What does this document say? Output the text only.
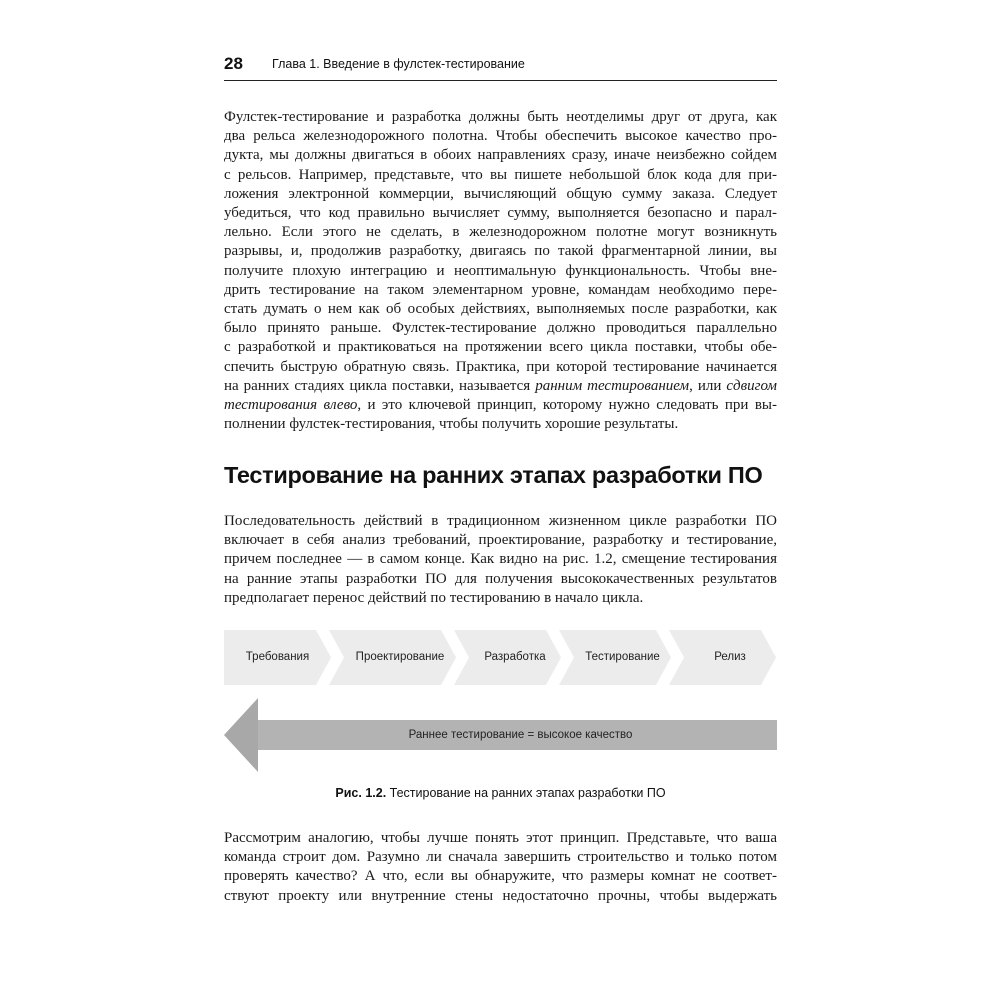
28 Глава 1. Введение в фулстек-тестирование
Фулстек-тестирование и разработка должны быть неотделимы друг от друга, как
два рельса железнодорожного полотна. Чтобы обеспечить высокое качество про-
дукта, мы должны двигаться в обоих направлениях сразу, иначе неизбежно сойдем
с рельсов. Например, представьте, что вы пишете небольшой блок кода для при-
ложения электронной коммерции, вычисляющий общую сумму заказа. Следует
убедиться, что код правильно вычисляет сумму, выполняется безопасно и парал-
лельно. Если этого не сделать, в железнодорожном полотне могут возникнуть
разрывы, и, продолжив разработку, двигаясь по такой фрагментарной линии, вы
получите плохую интеграцию и неоптимальную функциональность. Чтобы вне-
дрить тестирование на таком элементарном уровне, командам необходимо пере-
стать думать о нем как об особых действиях, выполняемых после разработки, как
было принято раньше. Фулстек-тестирование должно проводиться параллельно
с разработкой и практиковаться на протяжении всего цикла поставки, чтобы обе-
спечить быструю обратную связь. Практика, при которой тестирование начинается
на ранних стадиях цикла поставки, называется ранним тестированием, или сдвигом
тестирования влево, и это ключевой принцип, которому нужно следовать при вы-
полнении фулстек-тестирования, чтобы получить хорошие результаты.
Тестирование на ранних этапах разработки ПО
Последовательность действий в традиционном жизненном цикле разработки ПО
включает в себя анализ требований, проектирование, разработку и тестирование,
причем последнее — в самом конце. Как видно на рис. 1.2, смещение тестирования
на ранние этапы разработки ПО для получения высококачественных результатов
предполагает перенос действий по тестированию в начало цикла.
Требования	Проектирование	Разработка	Тестирование	Релиз
Раннее тестирование = высокое качество
Рис. 1.2. Тестирование на ранних этапах разработки ПО
Рассмотрим аналогию, чтобы лучше понять этот принцип. Представьте, что ваша
команда строит дом. Разумно ли сначала завершить строительство и только потом
проверять качество? А что, если вы обнаружите, что размеры комнат не соответ-
ствуют проекту или внутренние стены недостаточно прочны, чтобы выдержать
